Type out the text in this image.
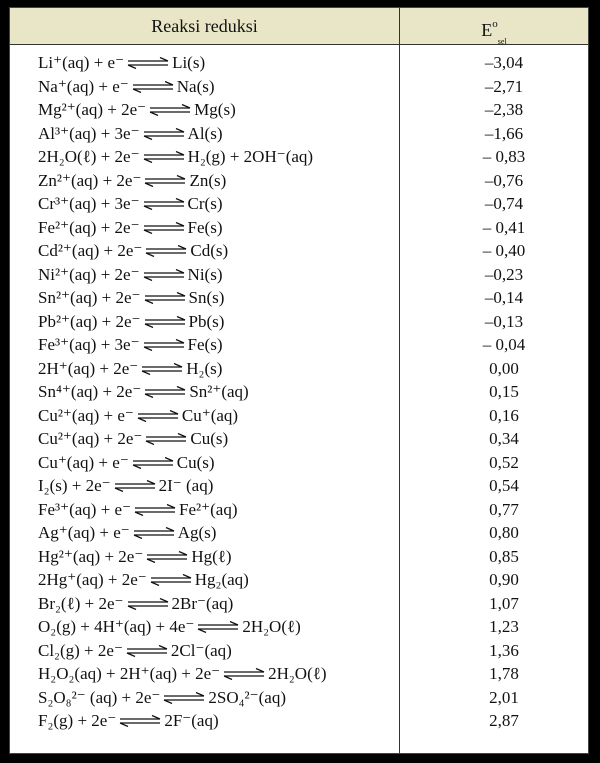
Reaksi reduksi	$E^o_{sel}$
Li⁺(aq) + e⁻ ⇌ Li(s)	–3,04
Na⁺(aq) + e⁻ ⇌ Na(s)	–2,71
Mg²⁺(aq) + 2e⁻ ⇌ Mg(s)	–2,38
Al³⁺(aq) + 3e⁻ ⇌ Al(s)	–1,66
2H₂O(ℓ) + 2e⁻ ⇌ H₂(g) + 2OH⁻(aq)	– 0,83
Zn²⁺(aq) + 2e⁻ ⇌ Zn(s)	–0,76
Cr³⁺(aq) + 3e⁻ ⇌ Cr(s)	–0,74
Fe²⁺(aq) + 2e⁻ ⇌ Fe(s)	– 0,41
Cd²⁺(aq) + 2e⁻ ⇌ Cd(s)	– 0,40
Ni²⁺(aq) + 2e⁻ ⇌ Ni(s)	–0,23
Sn²⁺(aq) + 2e⁻ ⇌ Sn(s)	–0,14
Pb²⁺(aq) + 2e⁻ ⇌ Pb(s)	–0,13
Fe³⁺(aq) + 3e⁻ ⇌ Fe(s)	– 0,04
2H⁺(aq) + 2e⁻ ⇌ H₂(s)	0,00
Sn⁴⁺(aq) + 2e⁻ ⇌ Sn²⁺(aq)	0,15
Cu²⁺(aq) + e⁻ ⇌ Cu⁺(aq)	0,16
Cu²⁺(aq) + 2e⁻ ⇌ Cu(s)	0,34
Cu⁺(aq) + e⁻ ⇌ Cu(s)	0,52
I₂(s) + 2e⁻ ⇌ 2I⁻ (aq)	0,54
Fe³⁺(aq) + e⁻ ⇌ Fe²⁺(aq)	0,77
Ag⁺(aq) + e⁻ ⇌ Ag(s)	0,80
Hg²⁺(aq) + 2e⁻ ⇌ Hg(ℓ)	0,85
2Hg⁺(aq) + 2e⁻ ⇌ Hg₂(aq)	0,90
Br₂(ℓ) + 2e⁻ ⇌ 2Br⁻(aq)	1,07
O₂(g) + 4H⁺(aq) + 4e⁻ ⇌ 2H₂O(ℓ)	1,23
Cl₂(g) + 2e⁻ ⇌ 2Cl⁻(aq)	1,36
H₂O₂(aq) + 2H⁺(aq) + 2e⁻ ⇌ 2H₂O(ℓ)	1,78
S₂O₈²⁻ (aq) + 2e⁻ ⇌ 2SO₄²⁻(aq)	2,01
F₂(g) + 2e⁻ ⇌ 2F⁻(aq)	2,87
